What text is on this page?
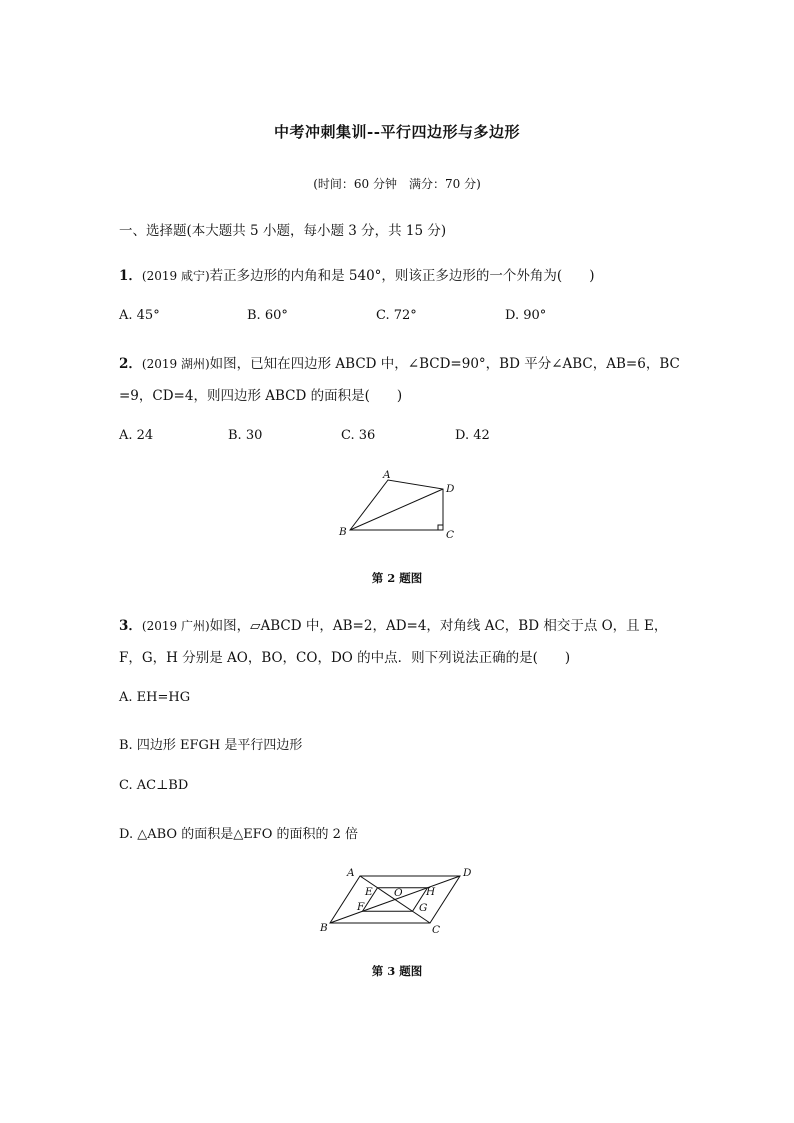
中考冲刺集训--平行四边形与多边形
(时间：60 分钟　满分：70 分)
一、选择题(本大题共 5 小题，每小题 3 分，共 15 分)
1．(2019 咸宁)若正多边形的内角和是 540°，则该正多边形的一个外角为(　　)
A. 45°	B. 60°	C. 72°	D. 90°
2．(2019 湖州)如图，已知在四边形 ABCD 中，∠BCD=90°，BD 平分∠ABC，AB=6，BC
=9，CD=4，则四边形 ABCD 的面积是(　　)
A. 24	B. 30	C. 36	D. 42
A
D
B	C
第 2 题图
3．(2019 广州)如图，▱ABCD 中，AB=2，AD=4，对角线 AC，BD 相交于点 O，且 E，
F，G，H 分别是 AO，BO，CO，DO 的中点．则下列说法正确的是(　　)
A. EH=HG
B. 四边形 EFGH 是平行四边形
C. AC⊥BD
D. △ABO 的面积是△EFO 的面积的 2 倍
A	D
E O H
F	G
B	C
第 3 题图
